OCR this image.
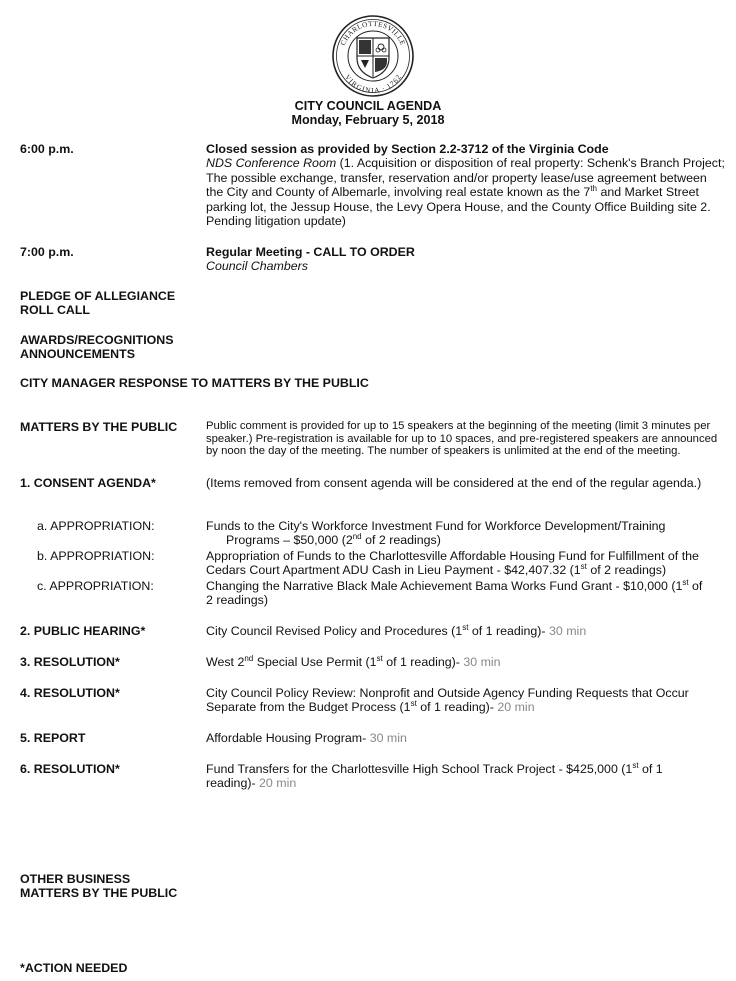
CHARLOTTESVILLE
VIRGINIA · 1762
CITY COUNCIL AGENDA
Monday, February 5, 2018
6:00 p.m.	Closed session as provided by Section 2.2-3712 of the Virginia Code
NDS Conference Room (1. Acquisition or disposition of real property: Schenk's Branch Project; The possible exchange, transfer, reservation and/or property lease/use agreement between the City and County of Albemarle, involving real estate known as the 7th and Market Street parking lot, the Jessup House, the Levy Opera House, and the County Office Building site 2. Pending litigation update)
7:00 p.m.	Regular Meeting - CALL TO ORDER
Council Chambers
PLEDGE OF ALLEGIANCE
ROLL CALL
AWARDS/RECOGNITIONS
ANNOUNCEMENTS
CITY MANAGER RESPONSE TO MATTERS BY THE PUBLIC
MATTERS BY THE PUBLIC	Public comment is provided for up to 15 speakers at the beginning of the meeting (limit 3 minutes per speaker.) Pre-registration is available for up to 10 spaces, and pre-registered speakers are announced by noon the day of the meeting. The number of speakers is unlimited at the end of the meeting.
1. CONSENT AGENDA*	(Items removed from consent agenda will be considered at the end of the regular agenda.)
a. APPROPRIATION:	Funds to the City's Workforce Investment Fund for Workforce Development/Training
Programs – $50,000 (2nd of 2 readings)
b. APPROPRIATION:	Appropriation of Funds to the Charlottesville Affordable Housing Fund for Fulfillment of the
Cedars Court Apartment ADU Cash in Lieu Payment - $42,407.32 (1st of 2 readings)
c. APPROPRIATION:	Changing the Narrative Black Male Achievement Bama Works Fund Grant - $10,000 (1st of
2 readings)
2. PUBLIC HEARING*	City Council Revised Policy and Procedures (1st of 1 reading)- 30 min
3. RESOLUTION*	West 2nd Special Use Permit (1st of 1 reading)- 30 min
4. RESOLUTION*	City Council Policy Review: Nonprofit and Outside Agency Funding Requests that Occur
Separate from the Budget Process (1st of 1 reading)- 20 min
5. REPORT	Affordable Housing Program- 30 min
6. RESOLUTION*	Fund Transfers for the Charlottesville High School Track Project - $425,000 (1st of 1
reading)- 20 min
OTHER BUSINESS
MATTERS BY THE PUBLIC
*ACTION NEEDED
